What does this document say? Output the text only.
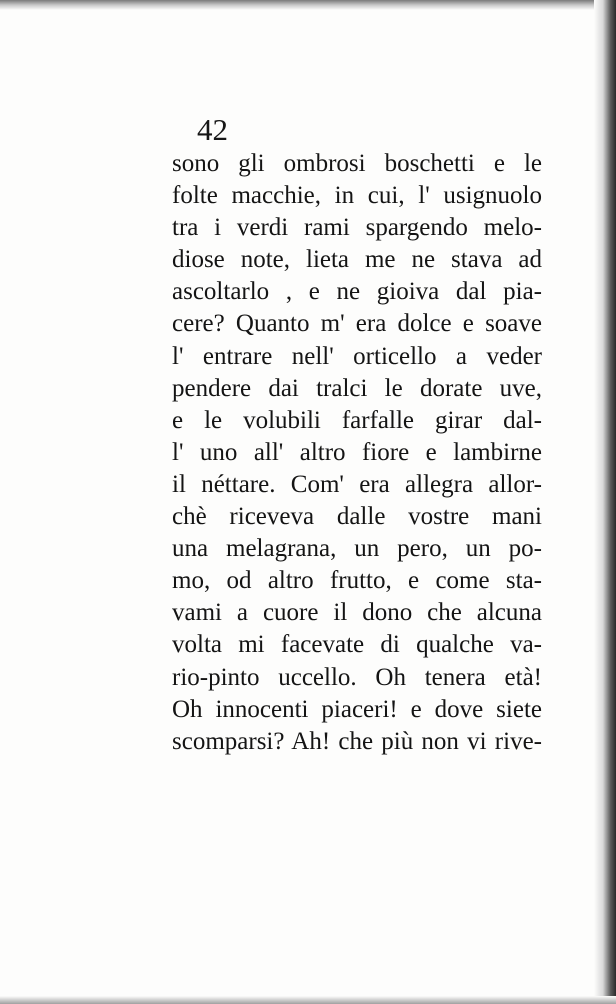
42
sono gli ombrosi boschetti e le
folte macchie, in cui, l' usignuolo
tra i verdi rami spargendo melo-
diose note, lieta me ne stava ad
ascoltarlo , e ne gioiva dal pia-
cere? Quanto m' era dolce e soave
l' entrare nell' orticello a veder
pendere dai tralci le dorate uve,
e le volubili farfalle girar dal-
l' uno all' altro fiore e lambirne
il néttare. Com' era allegra allor-
chè riceveva dalle vostre mani
una melagrana, un pero, un po-
mo, od altro frutto, e come sta-
vami a cuore il dono che alcuna
volta mi facevate di qualche va-
rio-pinto uccello. Oh tenera età!
Oh innocenti piaceri! e dove siete
scomparsi? Ah! che più non vi rive-
